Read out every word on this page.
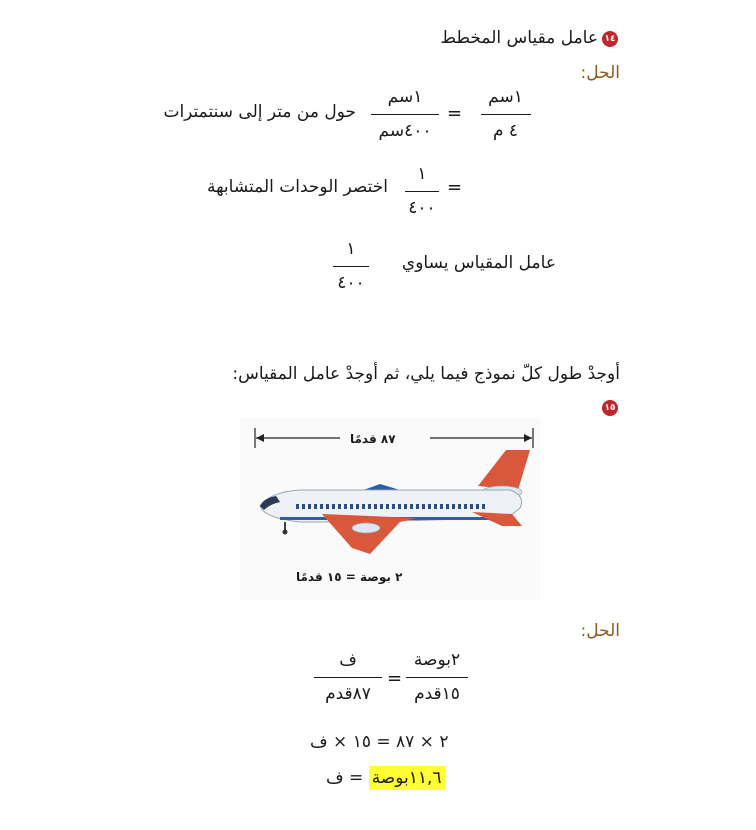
١٤
عامل مقياس المخطط
الحل:
١سم
٤ م
=
١سم
٤٠٠سم
حول من متر إلى سنتمترات
=
١
٤٠٠
اختصر الوحدات المتشابهة
عامل المقياس يساوي
١
٤٠٠
أوجدْ طول كلّ نموذج فيما يلي، ثم أوجدْ عامل المقياس:
١٥
٨٧ قدمًا
٢ بوصة = ١٥ قدمًا
الحل:
ف
٨٧قدم
=
٢بوصة
١٥قدم
٢ × ٨٧ = ١٥ × ف
١١,٦بوصة = ف
